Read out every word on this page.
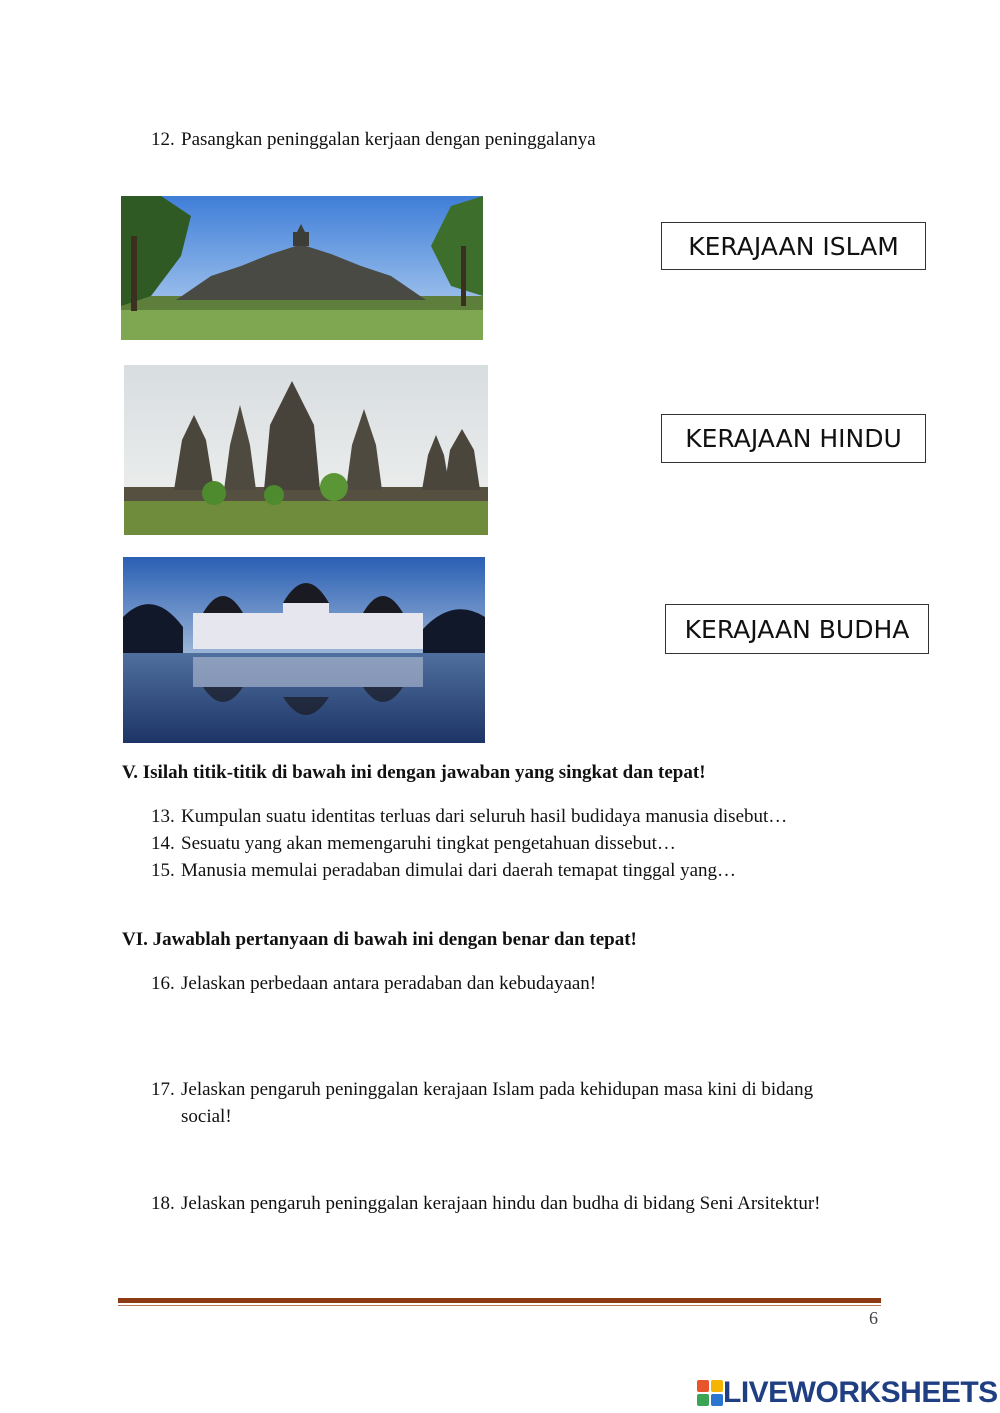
12. Pasangkan peninggalan kerjaan dengan peninggalanya
KERAJAAN ISLAM
KERAJAAN HINDU
KERAJAAN BUDHA
V. Isilah titik-titik di bawah ini dengan jawaban yang singkat dan tepat!
13. Kumpulan suatu identitas terluas dari seluruh hasil budidaya manusia disebut…
14. Sesuatu yang akan memengaruhi tingkat pengetahuan dissebut…
15. Manusia memulai peradaban dimulai dari daerah temapat tinggal yang…
VI. Jawablah pertanyaan di bawah ini dengan benar dan tepat!
16. Jelaskan perbedaan antara peradaban dan kebudayaan!
17. Jelaskan pengaruh peninggalan kerajaan Islam pada kehidupan masa kini di bidang
social!
18. Jelaskan pengaruh peninggalan kerajaan hindu dan budha di bidang Seni Arsitektur!
6
LIVEWORKSHEETS
